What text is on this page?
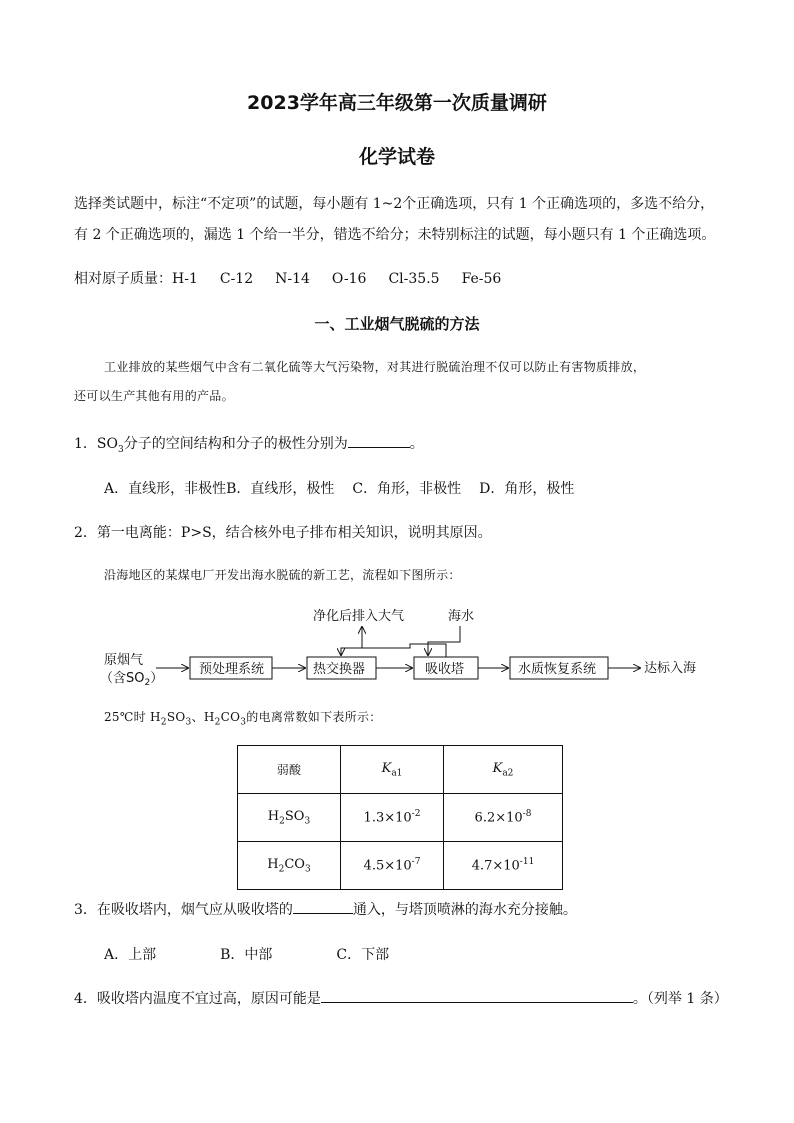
2023学年高三年级第一次质量调研
化学试卷
选择类试题中，标注“不定项”的试题，每小题有 1~2个正确选项，只有 1 个正确选项的，多选不给分，
有 2 个正确选项的，漏选 1 个给一半分，错选不给分；未特别标注的试题，每小题只有 1 个正确选项。
相对原子质量：H-1 C-12 N-14 O-16 Cl-35.5 Fe-56
一、工业烟气脱硫的方法
工业排放的某些烟气中含有二氧化硫等大气污染物，对其进行脱硫治理不仅可以防止有害物质排放，
还可以生产其他有用的产品。
1．$SO_3$分子的空间结构和分子的极性分别为	。
A．直线形，非极性B．直线形，极性 C．角形，非极性 D．角形，极性
2．第一电离能：P>S，结合核外电子排布相关知识，说明其原因。
沿海地区的某煤电厂开发出海水脱硫的新工艺，流程如下图所示：
净化后排入大气	海水
原烟气
（含$SO_2$）
预处理系统	热交换器	吸收塔	水质恢复系统	达标入海
25℃时 $H_2SO_3$、$H_2CO_3$的电离常数如下表所示：
弱酸	$K_{a1}$	$K_{a2}$
$H_2SO_3$	$1.3\times 10^{-2}$	$6.2\times 10^{-8}$
$H_2CO_3$	$4.5\times 10^{-7}$	$4.7\times 10^{-11}$
3．在吸收塔内，烟气应从吸收塔的	通入，与塔顶喷淋的海水充分接触。
A．上部	B．中部	C．下部
4．吸收塔内温度不宜过高，原因可能是	。（列举 1 条）
